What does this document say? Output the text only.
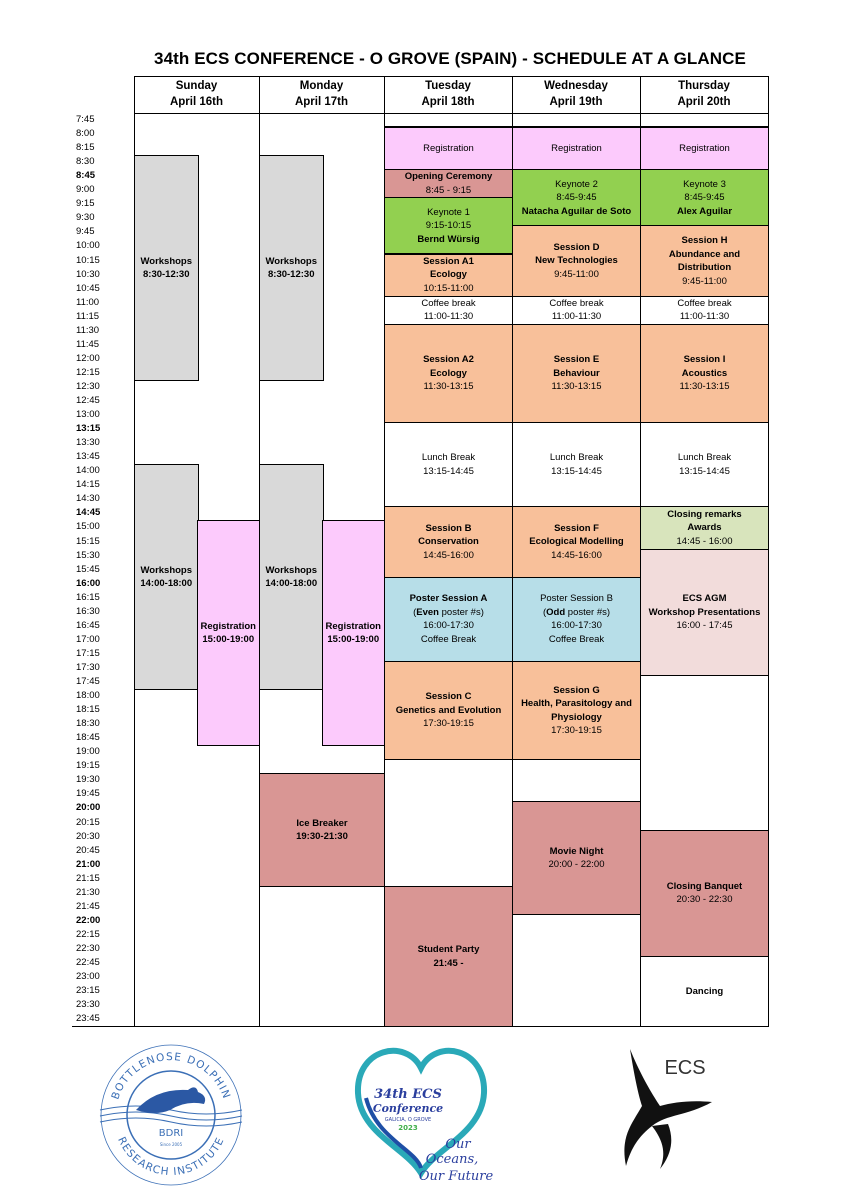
34th ECS CONFERENCE - O GROVE (SPAIN) - SCHEDULE AT A GLANCE
7:45
8:00
8:15
8:30
8:45
9:00
9:15
9:30
9:45
10:00
10:15
10:30
10:45
11:00
11:15
11:30
11:45
12:00
12:15
12:30
12:45
13:00
13:15
13:30
13:45
14:00
14:15
14:30
14:45
15:00
15:15
15:30
15:45
16:00
16:15
16:30
16:45
17:00
17:15
17:30
17:45
18:00
18:15
18:30
18:45
19:00
19:15
19:30
19:45
20:00
20:15
20:30
20:45
21:00
21:15
21:30
21:45
22:00
22:15
22:30
22:45
23:00
23:15
23:30
23:45
Sunday
April 16th
Monday
April 17th
Tuesday
April 18th
Wednesday
April 19th
Thursday
April 20th
Workshops
8:30-12:30
Workshops
14:00-18:00
Registration
15:00-19:00
Workshops
8:30-12:30
Workshops
14:00-18:00
Registration
15:00-19:00
Ice Breaker
19:30-21:30
Registration
Opening Ceremony
8:45 - 9:15
Keynote 1
9:15-10:15
Bernd Würsig
Session A1
Ecology
10:15-11:00
Coffee break
11:00-11:30
Session A2
Ecology
11:30-13:15
Lunch Break
13:15-14:45
Session B
Conservation
14:45-16:00
Poster Session A
(Even poster #s)
16:00-17:30
Coffee Break
Session C
Genetics and Evolution
17:30-19:15
Student Party
21:45 -
Registration
Keynote 2
8:45-9:45
Natacha Aguilar de Soto
Session D
New Technologies
9:45-11:00
Coffee break
11:00-11:30
Session E
Behaviour
11:30-13:15
Lunch Break
13:15-14:45
Session F
Ecological Modelling
14:45-16:00
Poster Session B
(Odd poster #s)
16:00-17:30
Coffee Break
Session G
Health, Parasitology and
Physiology
17:30-19:15
Movie Night
20:00 - 22:00
Registration
Keynote 3
8:45-9:45
Alex Aguilar
Session H
Abundance and
Distribution
9:45-11:00
Coffee break
11:00-11:30
Session I
Acoustics
11:30-13:15
Lunch Break
13:15-14:45
Closing remarks
Awards
14:45 - 16:00
ECS AGM
Workshop Presentations
16:00 - 17:45
Closing Banquet
20:30 - 22:30
Dancing
BOTTLENOSE DOLPHIN
RESEARCH INSTITUTE
BDRI
Since 2005
34th ECS
Conference
GALICIA, O GROVE
2023
Our
Oceans,
Our Future
ECS
